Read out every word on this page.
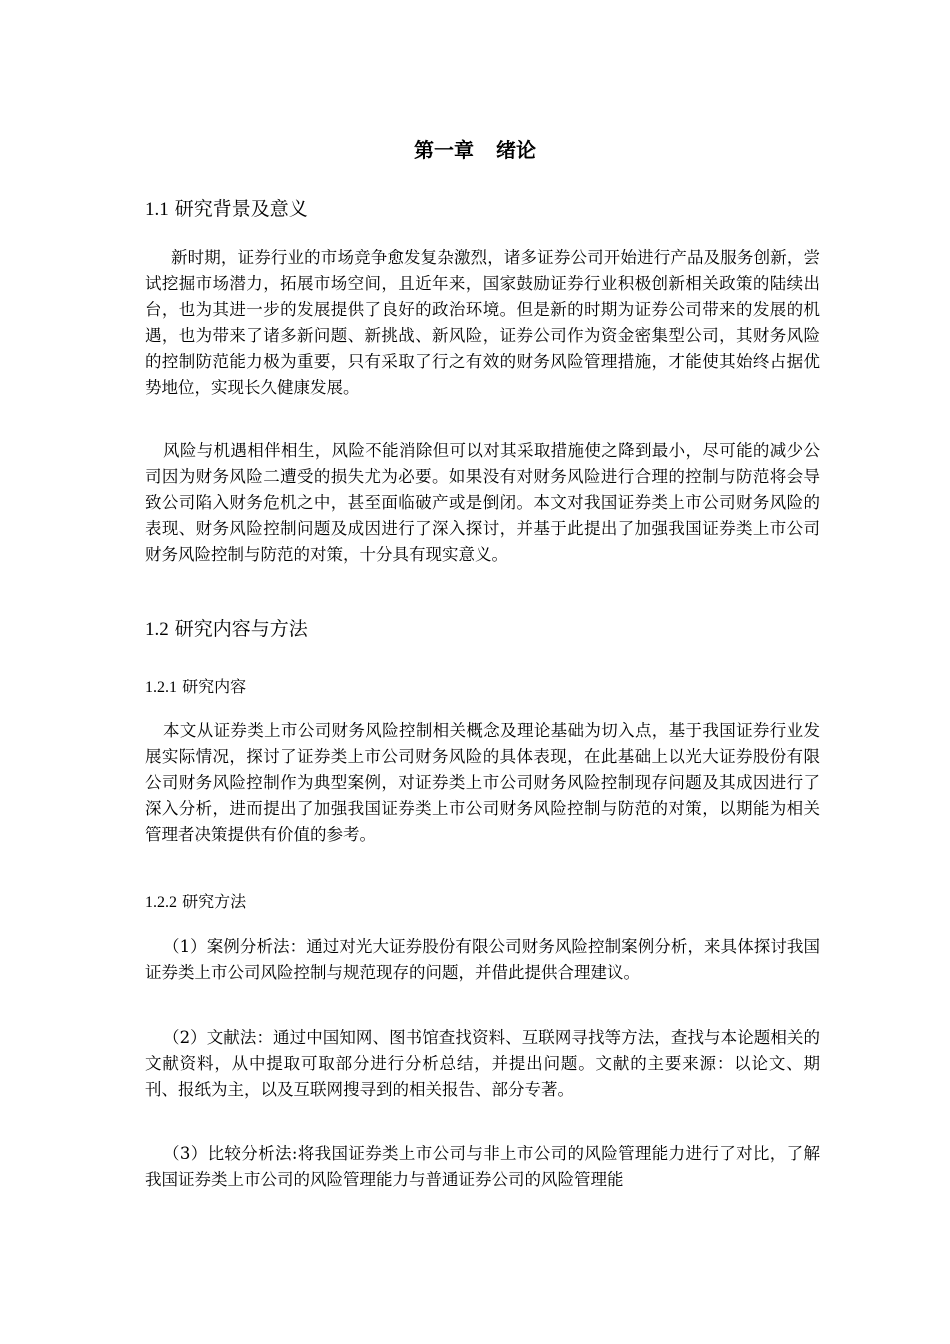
第一章 绪论
1.1 研究背景及意义

新时期，证券行业的市场竞争愈发复杂激烈，诸多证券公司开始进行产品及服务创新，尝试挖掘市场潜力，拓展市场空间，且近年来，国家鼓励证券行业积极创新相关政策的陆续出台，也为其进一步的发展提供了良好的政治环境。但是新的时期为证券公司带来的发展的机遇，也为带来了诸多新问题、新挑战、新风险，证券公司作为资金密集型公司，其财务风险的控制防范能力极为重要，只有采取了行之有效的财务风险管理措施，才能使其始终占据优势地位，实现长久健康发展。

风险与机遇相伴相生，风险不能消除但可以对其采取措施使之降到最小，尽可能的减少公司因为财务风险二遭受的损失尤为必要。如果没有对财务风险进行合理的控制与防范将会导致公司陷入财务危机之中，甚至面临破产或是倒闭。本文对我国证券类上市公司财务风险的表现、财务风险控制问题及成因进行了深入探讨，并基于此提出了加强我国证券类上市公司财务风险控制与防范的对策，十分具有现实意义。

1.2 研究内容与方法
1.2.1 研究内容

本文从证券类上市公司财务风险控制相关概念及理论基础为切入点，基于我国证券行业发展实际情况，探讨了证券类上市公司财务风险的具体表现，在此基础上以光大证券股份有限公司财务风险控制作为典型案例，对证券类上市公司财务风险控制现存问题及其成因进行了深入分析，进而提出了加强我国证券类上市公司财务风险控制与防范的对策，以期能为相关管理者决策提供有价值的参考。

1.2.2 研究方法

（1）案例分析法：通过对光大证券股份有限公司财务风险控制案例分析，来具体探讨我国证券类上市公司风险控制与规范现存的问题，并借此提供合理建议。

（2）文献法：通过中国知网、图书馆查找资料、互联网寻找等方法，查找与本论题相关的文献资料，从中提取可取部分进行分析总结，并提出问题。文献的主要来源：以论文、期刊、报纸为主，以及互联网搜寻到的相关报告、部分专著。

（3）比较分析法:将我国证券类上市公司与非上市公司的风险管理能力进行了对比，了解我国证券类上市公司的风险管理能力与普通证券公司的风险管理能
